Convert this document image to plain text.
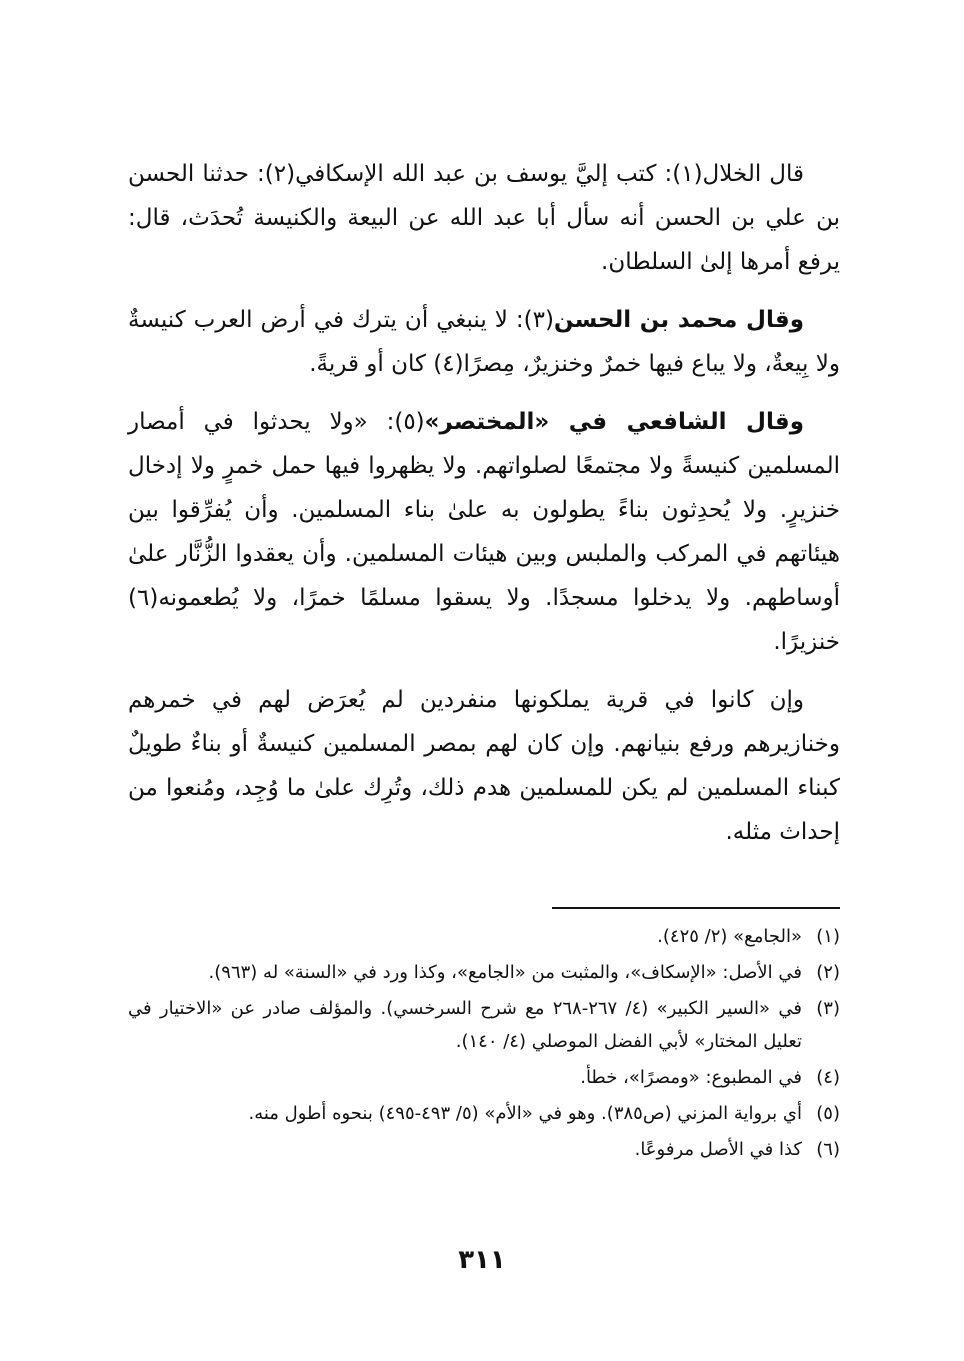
قال الخلال(١): كتب إليَّ يوسف بن عبد الله الإسكافي(٢): حدثنا الحسن بن علي بن الحسن أنه سأل أبا عبد الله عن البيعة والكنيسة تُحدَث، قال: يرفع أمرها إلىٰ السلطان.

وقال محمد بن الحسن(٣): لا ينبغي أن يترك في أرض العرب كنيسةٌ ولا بِيعةٌ، ولا يباع فيها خمرٌ وخنزيرٌ، مِصرًا(٤) كان أو قريةً.

وقال الشافعي في «المختصر»(٥): «ولا يحدثوا في أمصار المسلمين كنيسةً ولا مجتمعًا لصلواتهم. ولا يظهروا فيها حمل خمرٍ ولا إدخال خنزيرٍ. ولا يُحدِثون بناءً يطولون به علىٰ بناء المسلمين. وأن يُفرِّقوا بين هيئاتهم في المركب والملبس وبين هيئات المسلمين. وأن يعقدوا الزُّنَّار علىٰ أوساطهم. ولا يدخلوا مسجدًا. ولا يسقوا مسلمًا خمرًا، ولا يُطعمونه(٦) خنزيرًا.

وإن كانوا في قرية يملكونها منفردين لم يُعرَض لهم في خمرهم وخنازيرهم ورفع بنيانهم. وإن كان لهم بمصر المسلمين كنيسةٌ أو بناءٌ طويلٌ كبناء المسلمين لم يكن للمسلمين هدم ذلك، وتُرِك علىٰ ما وُجِد، ومُنعوا من إحداث مثله.

(١)
«الجامع» (٢/ ٤٢٥).
(٢)
في الأصل: «الإسكاف»، والمثبت من «الجامع»، وكذا ورد في «السنة» له (٩٦٣).
(٣)
في «السير الكبير» (٤/ ٢٦٧-٢٦٨ مع شرح السرخسي). والمؤلف صادر عن «الاختيار في تعليل المختار» لأبي الفضل الموصلي (٤/ ١٤٠).
(٤)
في المطبوع: «ومصرًا»، خطأ.
(٥)
أي برواية المزني (ص٣٨٥). وهو في «الأم» (٥/ ٤٩٣-٤٩٥) بنحوه أطول منه.
(٦)
كذا في الأصل مرفوعًا.
٣١١
